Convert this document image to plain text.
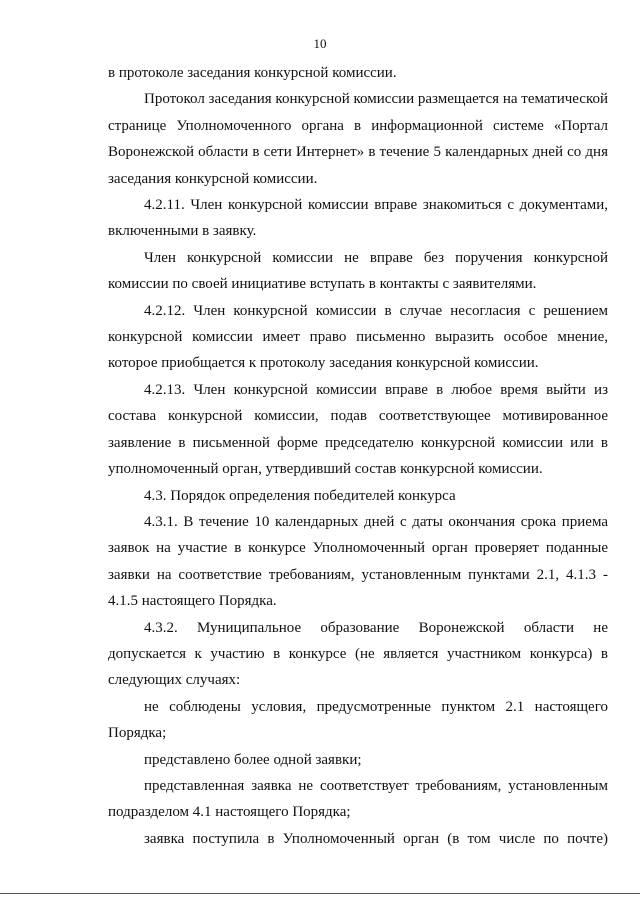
10

в протоколе заседания конкурсной комиссии.

Протокол заседания конкурсной комиссии размещается на тематической странице Уполномоченного органа в информационной системе «Портал Воронежской области в сети Интернет» в течение 5 календарных дней со дня заседания конкурсной комиссии.

4.2.11. Член конкурсной комиссии вправе знакомиться с документами, включенными в заявку.

Член конкурсной комиссии не вправе без поручения конкурсной комиссии по своей инициативе вступать в контакты с заявителями.

4.2.12. Член конкурсной комиссии в случае несогласия с решением конкурсной комиссии имеет право письменно выразить особое мнение, которое приобщается к протоколу заседания конкурсной комиссии.

4.2.13. Член конкурсной комиссии вправе в любое время выйти из состава конкурсной комиссии, подав соответствующее мотивированное заявление в письменной форме председателю конкурсной комиссии или в уполномоченный орган, утвердивший состав конкурсной комиссии.

4.3. Порядок определения победителей конкурса

4.3.1. В течение 10 календарных дней с даты окончания срока приема заявок на участие в конкурсе Уполномоченный орган проверяет поданные заявки на соответствие требованиям, установленным пунктами 2.1, 4.1.3 - 4.1.5 настоящего Порядка.

4.3.2. Муниципальное образование Воронежской области не допускается к участию в конкурсе (не является участником конкурса) в следующих случаях:

не соблюдены условия, предусмотренные пунктом 2.1 настоящего Порядка;

представлено более одной заявки;

представленная заявка не соответствует требованиям, установленным подразделом 4.1 настоящего Порядка;

заявка поступила в Уполномоченный орган (в том числе по почте)
